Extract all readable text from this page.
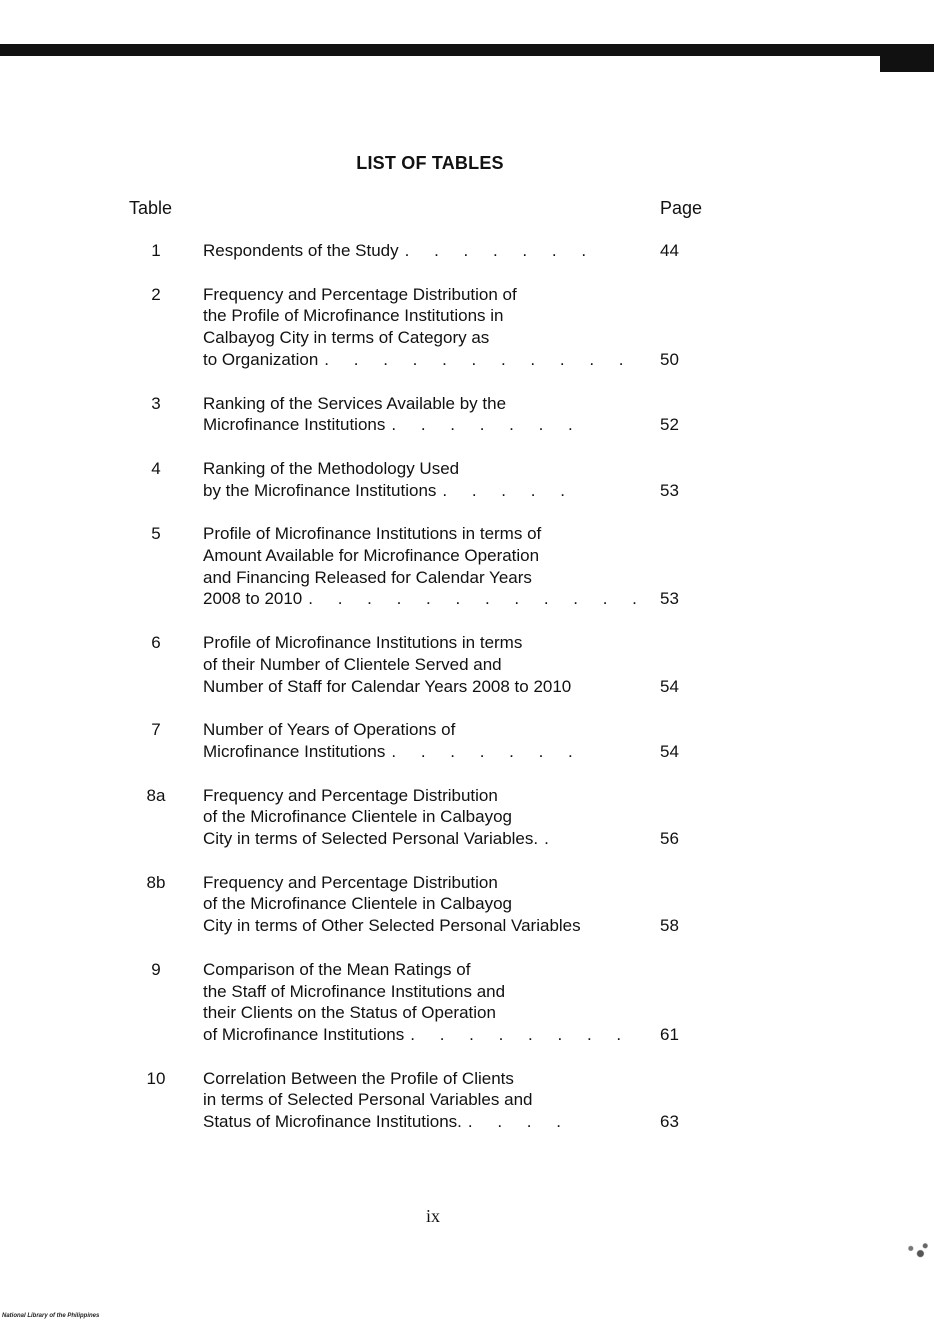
LIST OF TABLES
Table	Page
1	Respondents of the Study . . . . . . .	44
2	Frequency and Percentage Distribution of
the Profile of Microfinance Institutions in
Calbayog City in terms of Category as
to Organization . . . . . . . . . . .	50
3	Ranking of the Services Available by the
Microfinance Institutions . . . . . . .	52
4	Ranking of the Methodology Used
by the Microfinance Institutions . . . . .	53
5	Profile of Microfinance Institutions in terms of
Amount Available for Microfinance Operation
and Financing Released for Calendar Years
2008 to 2010 . . . . . . . . . . . . 53
6	Profile of Microfinance Institutions in terms
of their Number of Clientele Served and
Number of Staff for Calendar Years 2008 to 2010	54
7	Number of Years of Operations of
Microfinance Institutions . . . . . . .	54
8a	Frequency and Percentage Distribution
of the Microfinance Clientele in Calbayog
City in terms of Selected Personal Variables. .	56
8b	Frequency and Percentage Distribution
of the Microfinance Clientele in Calbayog
City in terms of Other Selected Personal Variables	58
9	Comparison of the Mean Ratings of
the Staff of Microfinance Institutions and
their Clients on the Status of Operation
of Microfinance Institutions . . . . . . . .	61
10	Correlation Between the Profile of Clients
in terms of Selected Personal Variables and
Status of Microfinance Institutions. . . . .	63
ix
National Library of the Philippines
